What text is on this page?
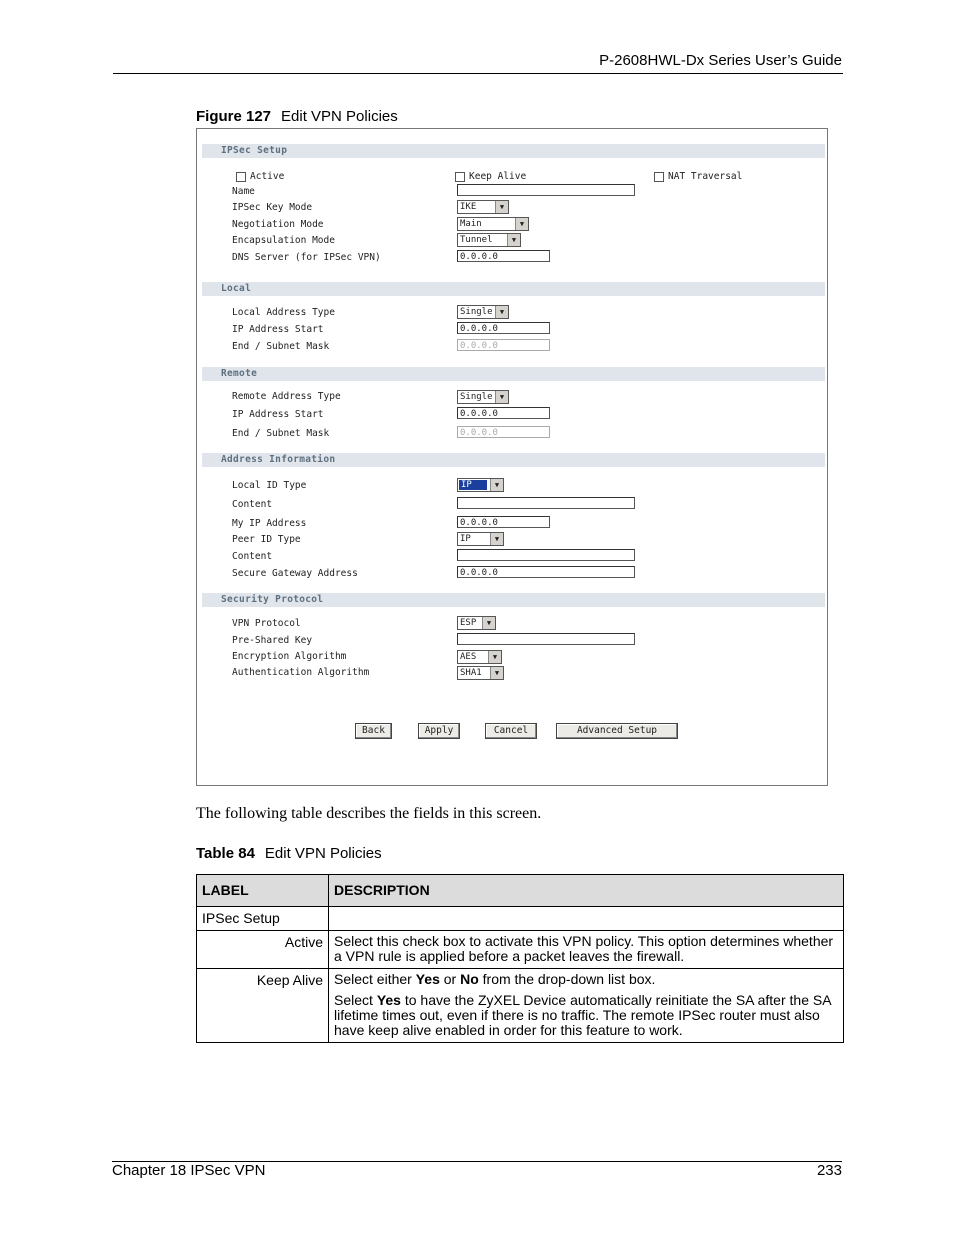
P-2608HWL-Dx Series User’s Guide
Figure 127 Edit VPN Policies
IPSec Setup
Active	Keep Alive	NAT Traversal
Name
IPSec Key Mode	IKE	▼
Negotiation Mode	Main	▼
Encapsulation Mode	Tunnel	▼
DNS Server (for IPSec VPN)	0.0.0.0
Local
Local Address Type	Single	▼
IP Address Start	0.0.0.0
End / Subnet Mask	0.0.0.0
Remote
Remote Address Type	Single	▼
IP Address Start	0.0.0.0
End / Subnet Mask	0.0.0.0
Address Information
Local ID Type	IP	▼
Content
My IP Address	0.0.0.0
Peer ID Type	IP	▼
Content
Secure Gateway Address	0.0.0.0
Security Protocol
VPN Protocol	ESP	▼
Pre-Shared Key
Encryption Algorithm	AES	▼
Authentication Algorithm	SHA1	▼
Back	Apply	Cancel	Advanced Setup
The following table describes the fields in this screen.
Table 84 Edit VPN Policies
LABEL	DESCRIPTION
IPSec Setup	
Active	Select this check box to activate this VPN policy. This option determines whether a VPN rule is applied before a packet leaves the firewall.

Keep Alive	Select either Yes or No from the drop-down list box.

Select Yes to have the ZyXEL Device automatically reinitiate the SA after the SA lifetime times out, even if there is no traffic. The remote IPSec router must also have keep alive enabled in order for this feature to work.

Chapter 18 IPSec VPN	233
